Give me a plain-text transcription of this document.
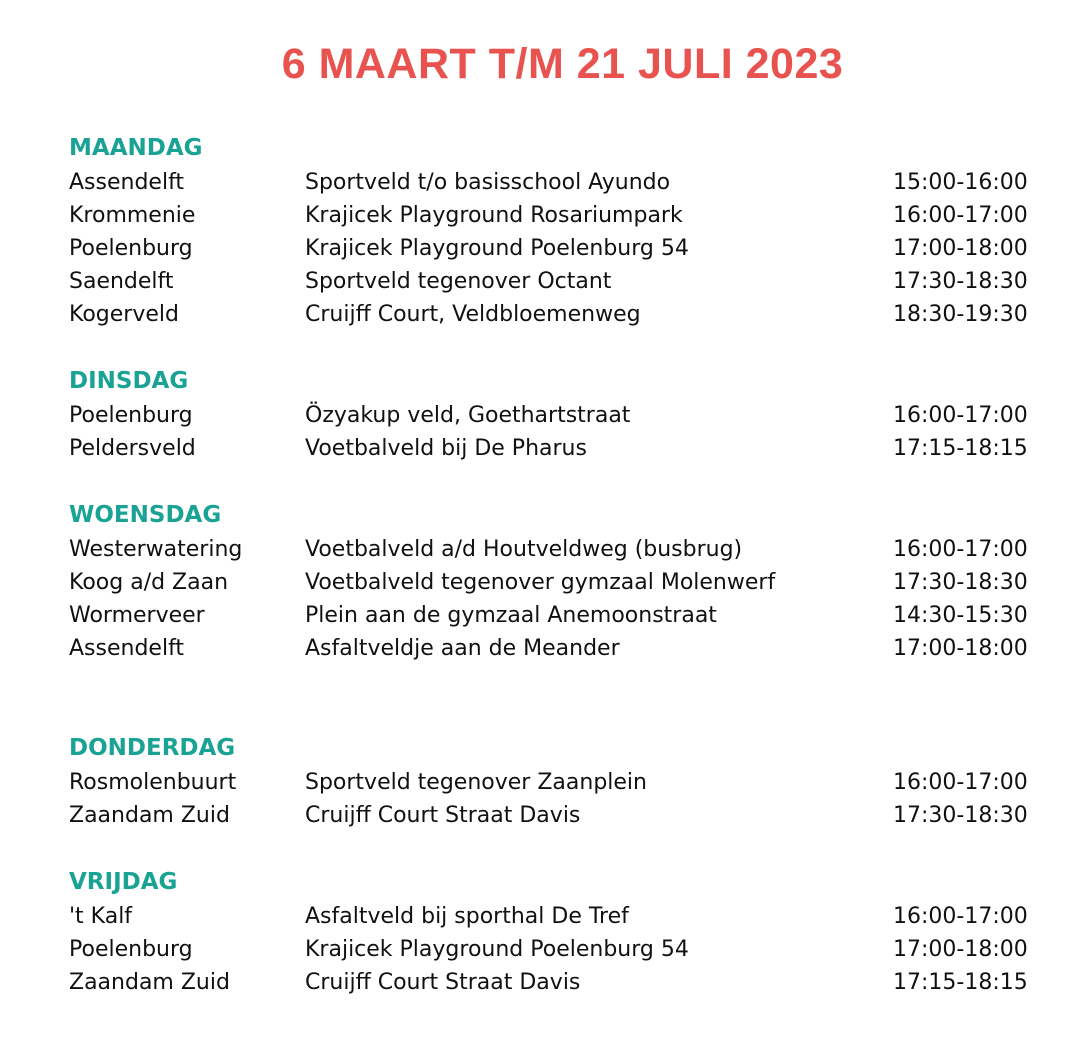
6 MAART T/M 21 JULI 2023
MAANDAG
Assendelft	Sportveld t/o basisschool Ayundo	15:00-16:00
Krommenie	Krajicek Playground Rosariumpark	16:00-17:00
Poelenburg	Krajicek Playground Poelenburg 54	17:00-18:00
Saendelft	Sportveld tegenover Octant	17:30-18:30
Kogerveld	Cruijff Court, Veldbloemenweg	18:30-19:30
DINSDAG
Poelenburg	Özyakup veld, Goethartstraat	16:00-17:00
Peldersveld	Voetbalveld bij De Pharus	17:15-18:15
WOENSDAG
Westerwatering	Voetbalveld a/d Houtveldweg (busbrug)	16:00-17:00
Koog a/d Zaan	Voetbalveld tegenover gymzaal Molenwerf	17:30-18:30
Wormerveer	Plein aan de gymzaal Anemoonstraat	14:30-15:30
Assendelft	Asfaltveldje aan de Meander	17:00-18:00
DONDERDAG
Rosmolenbuurt	Sportveld tegenover Zaanplein	16:00-17:00
Zaandam Zuid	Cruijff Court Straat Davis	17:30-18:30
VRIJDAG
't Kalf	Asfaltveld bij sporthal De Tref	16:00-17:00
Poelenburg	Krajicek Playground Poelenburg 54	17:00-18:00
Zaandam Zuid	Cruijff Court Straat Davis	17:15-18:15
